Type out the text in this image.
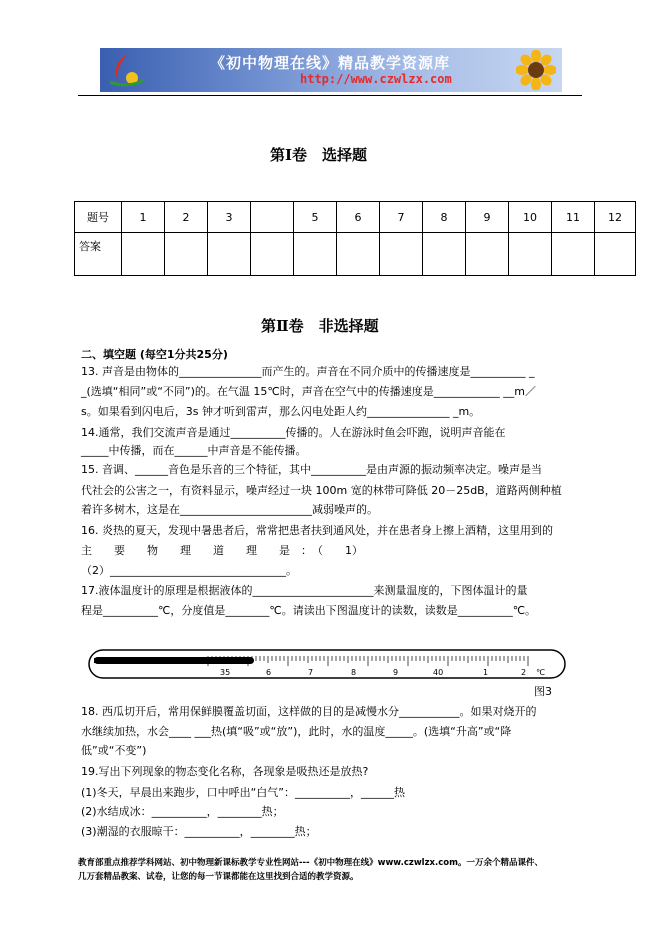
《初中物理在线》精品教学资源库
http://www.czwlzx.com
第Ⅰ卷　选择题
题号	1	2	3		5	6	7	8	9	10	11	12
答案												
第Ⅱ卷　非选择题
二、填空题 (每空1分共25分)
13. 声音是由物体的_______________而产生的。声音在不同介质中的传播速度是__________ _
_(选填“相同”或“不同”)的。在气温 15℃时，声音在空气中的传播速度是____________ __m／
s。如果看到闪电后，3s 钟才听到雷声，那么闪电处距人约_______________ _m。
14.通常，我们交流声音是通过__________传播的。人在游泳时鱼会吓跑，说明声音能在
_____中传播，而在______中声音是不能传播。
15. 音调、______音色是乐音的三个特征，其中__________是由声源的振动频率决定。噪声是当
代社会的公害之一，有资料显示，噪声经过一块 100m 宽的林带可降低 20－25dB，道路两侧种植
着许多树木，这是在________________________减弱噪声的。
16. 炎热的夏天，发现中暑患者后，常常把患者扶到通风处，并在患者身上擦上酒精，这里用到的
主　　要　　物　　理　　道　　理　　是　：　（　　1）
（2）________________________________。
17.液体温度计的原理是根据液体的______________________来测量温度的，下图体温计的量
程是__________℃，分度值是________℃。请读出下图温度计的读数，读数是__________℃。
35	6	7	8	9	40	1	2 ℃
图3
18. 西瓜切开后，常用保鲜膜覆盖切面，这样做的目的是减慢水分___________。如果对烧开的
水继续加热，水会____ ___热(填“吸”或“放”)，此时，水的温度_____。(选填“升高”或“降
低”或“不变”)
19.写出下列现象的物态变化名称，各现象是吸热还是放热?
(1)冬天，早晨出来跑步，口中呼出“白气”：__________，______热
(2)水结成冰：__________，________热；
(3)潮湿的衣服晾干：__________，________热；
教育部重点推荐学科网站、初中物理新课标教学专业性网站---《初中物理在线》www.czwlzx.com。一万余个精品课件、
几万套精品教案、试卷，让您的每一节课都能在这里找到合适的教学资源。
